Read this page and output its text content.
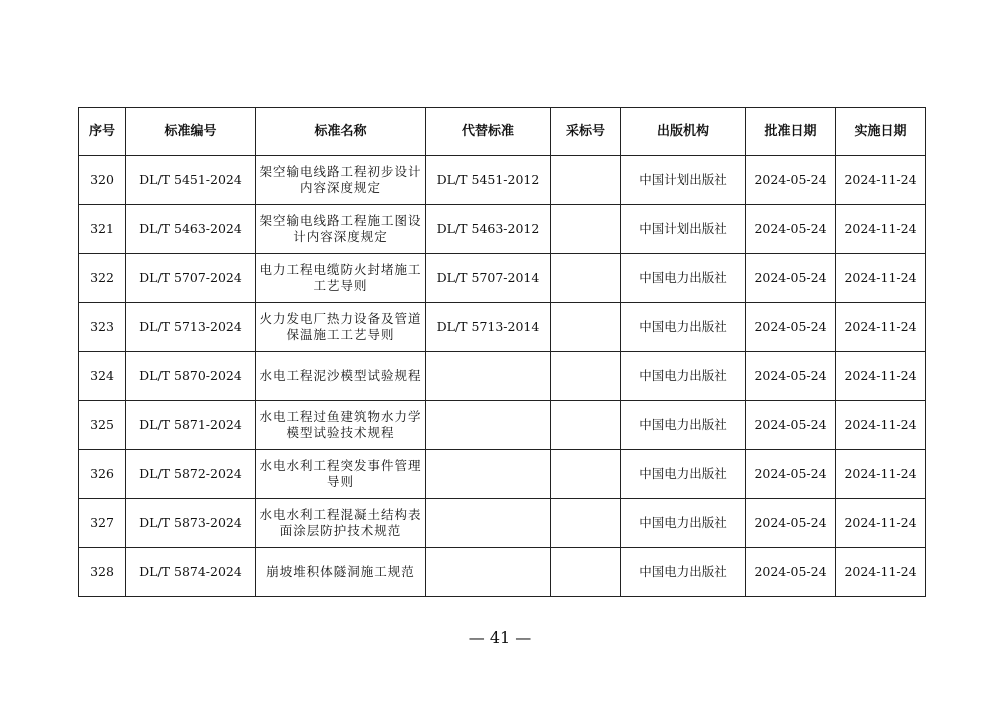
序号	标准编号	标准名称	代替标准	采标号	出版机构	批准日期	实施日期
320	DL/T 5451-2024	架空输电线路工程初步设计内容深度规定	DL/T 5451-2012		中国计划出版社	2024-05-24	2024-11-24
321	DL/T 5463-2024	架空输电线路工程施工图设计内容深度规定	DL/T 5463-2012		中国计划出版社	2024-05-24	2024-11-24
322	DL/T 5707-2024	电力工程电缆防火封堵施工工艺导则	DL/T 5707-2014		中国电力出版社	2024-05-24	2024-11-24
323	DL/T 5713-2024	火力发电厂热力设备及管道保温施工工艺导则	DL/T 5713-2014		中国电力出版社	2024-05-24	2024-11-24
324	DL/T 5870-2024	水电工程泥沙模型试验规程			中国电力出版社	2024-05-24	2024-11-24
325	DL/T 5871-2024	水电工程过鱼建筑物水力学模型试验技术规程			中国电力出版社	2024-05-24	2024-11-24
326	DL/T 5872-2024	水电水利工程突发事件管理导则			中国电力出版社	2024-05-24	2024-11-24
327	DL/T 5873-2024	水电水利工程混凝土结构表面涂层防护技术规范			中国电力出版社	2024-05-24	2024-11-24
328	DL/T 5874-2024	崩坡堆积体隧洞施工规范			中国电力出版社	2024-05-24	2024-11-24
— 41 —
